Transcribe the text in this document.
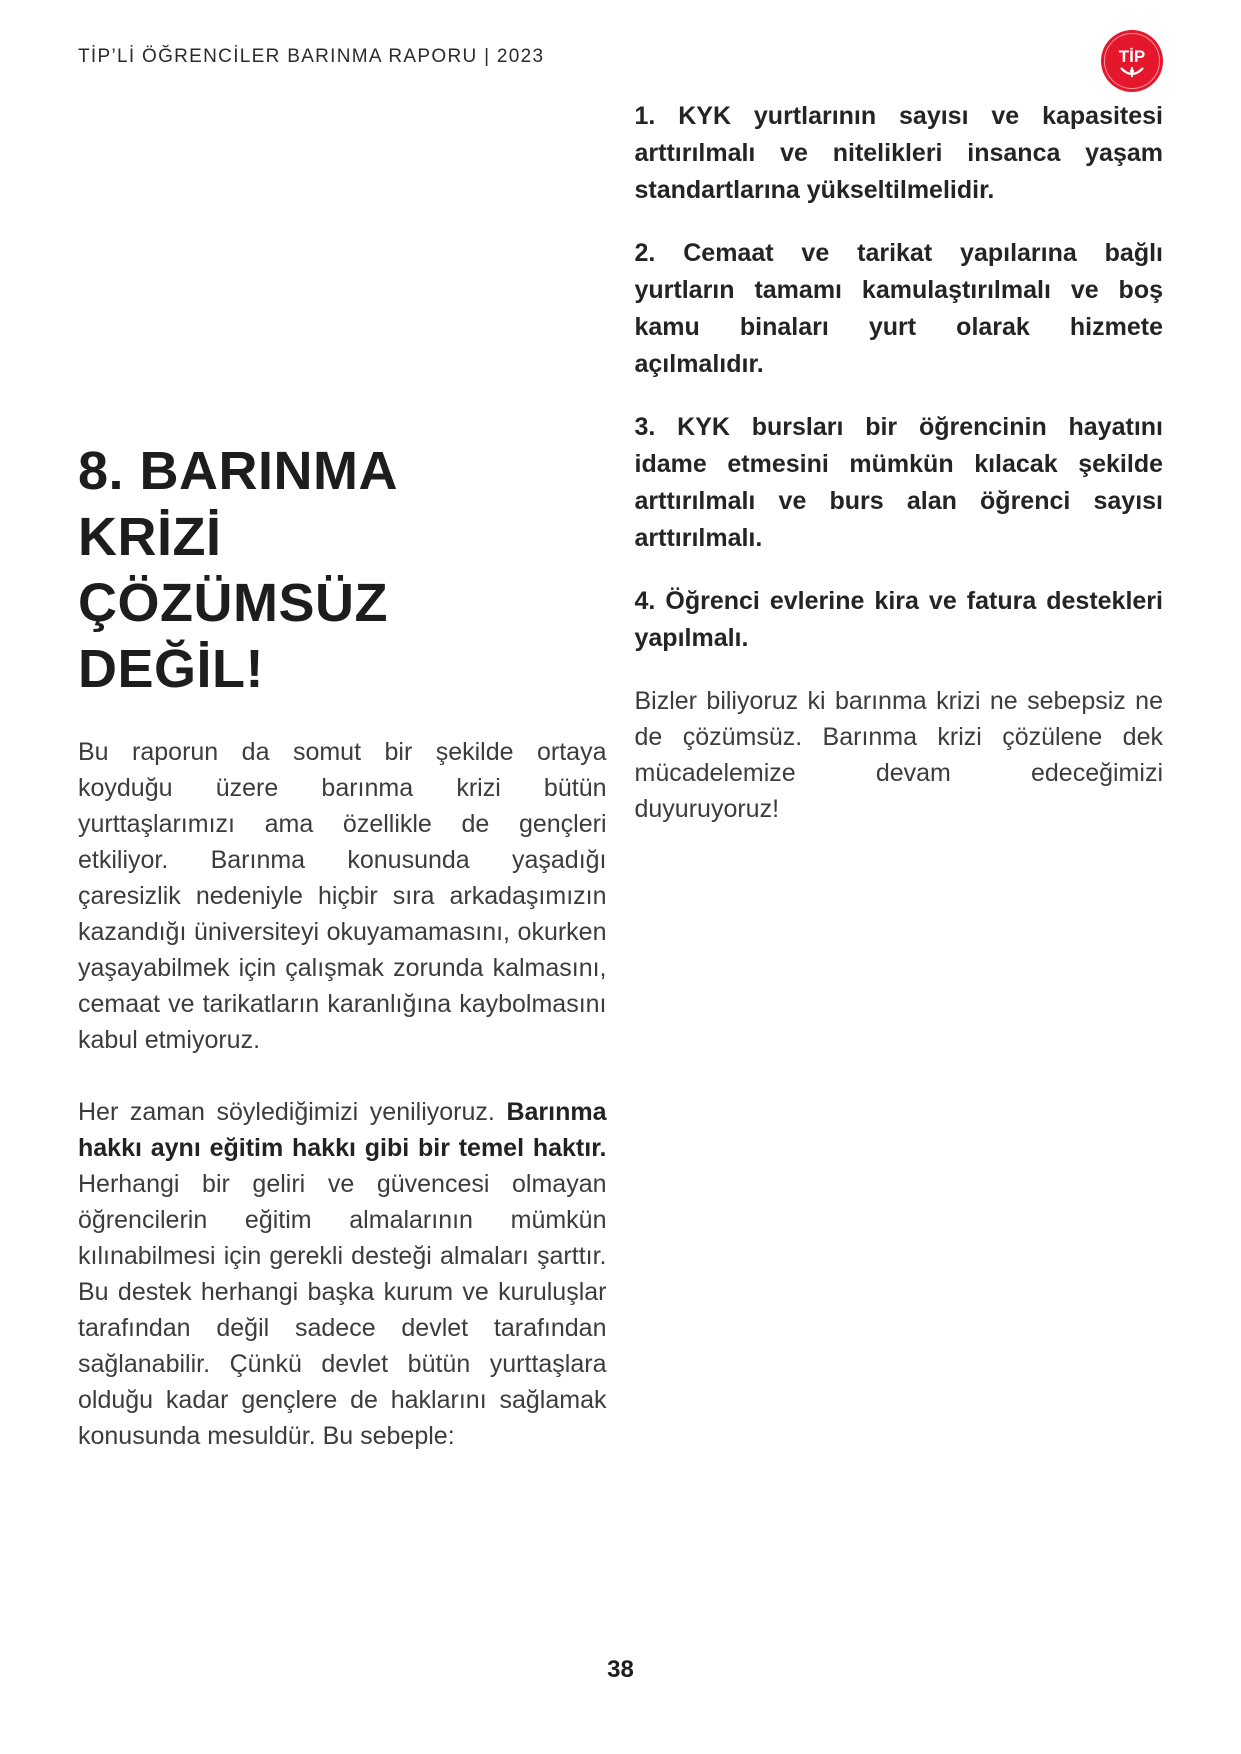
TİP’Lİ ÖĞRENCİLER BARINMA RAPORU | 2023	TİP
8. BARINMA
KRİZİ
ÇÖZÜMSÜZ
DEĞİL!

Bu raporun da somut bir şekilde ortaya koyduğu üzere barınma krizi bütün yurttaşlarımızı ama özellikle de gençleri etkiliyor. Barınma konusunda yaşadığı çaresizlik nedeniyle hiçbir sıra arkadaşımızın kazandığı üniversiteyi okuyamamasını, okurken yaşayabilmek için çalışmak zorunda kalmasını, cemaat ve tarikatların karanlığına kaybolmasını kabul etmiyoruz.

Her zaman söylediğimizi yeniliyoruz. Barınma hakkı aynı eğitim hakkı gibi bir temel haktır. Herhangi bir geliri ve güvencesi olmayan öğrencilerin eğitim almalarının mümkün kılınabilmesi için gerekli desteği almaları şarttır. Bu destek herhangi başka kurum ve kuruluşlar tarafından değil sadece devlet tarafından sağlanabilir. Çünkü devlet bütün yurttaşlara olduğu kadar gençlere de haklarını sağlamak konusunda mesuldür. Bu sebeple:

1. KYK yurtlarının sayısı ve kapasitesi arttırılmalı ve nitelikleri insanca yaşam standartlarına yükseltilmelidir.

2. Cemaat ve tarikat yapılarına bağlı yurtların tamamı kamulaştırılmalı ve boş kamu binaları yurt olarak hizmete açılmalıdır.

3. KYK bursları bir öğrencinin hayatını idame etmesini mümkün kılacak şekilde arttırılmalı ve burs alan öğrenci sayısı arttırılmalı.

4. Öğrenci evlerine kira ve fatura destekleri yapılmalı.

Bizler biliyoruz ki barınma krizi ne sebepsiz ne de çözümsüz. Barınma krizi çözülene dek mücadelemize devam edeceğimizi duyuruyoruz!

38
